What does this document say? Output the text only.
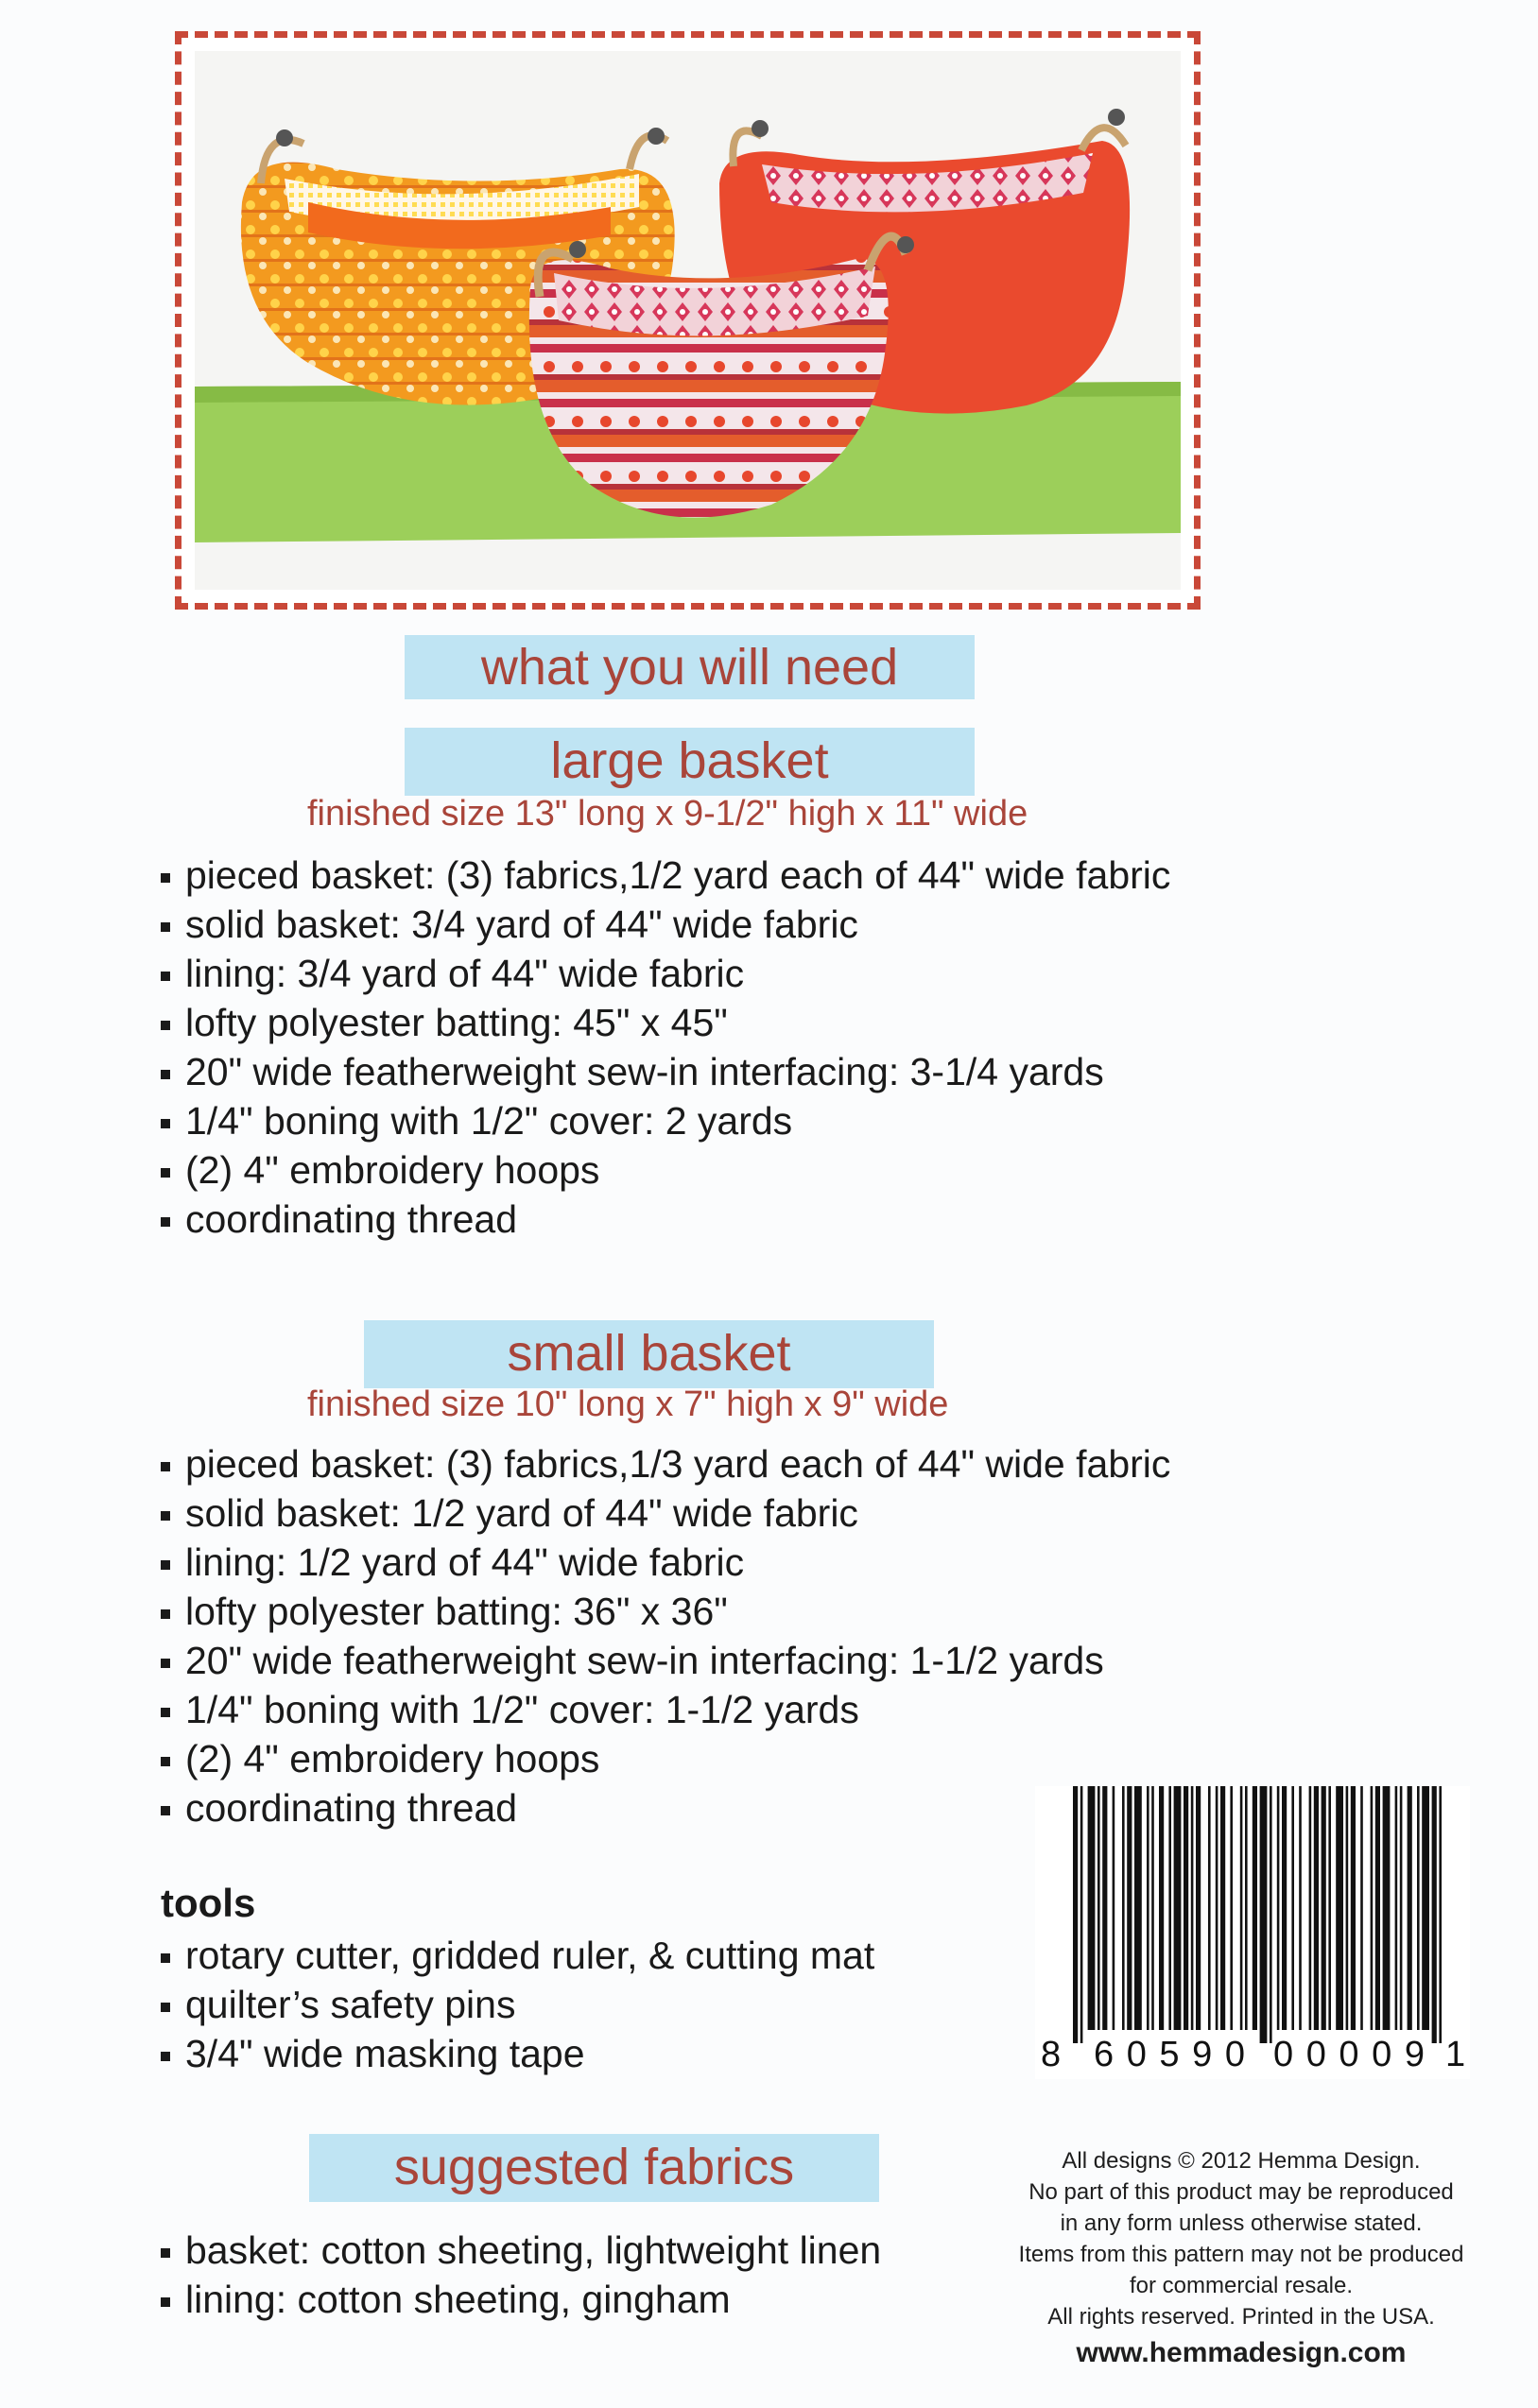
what you will need
large basket
finished size 13" long x 9-1/2" high x 11" wide
pieced basket: (3) fabrics,1/2 yard each of 44" wide fabric
solid basket: 3/4 yard of 44" wide fabric
lining: 3/4 yard of 44" wide fabric
lofty polyester batting: 45" x 45"
20" wide featherweight sew-in interfacing: 3-1/4 yards
1/4" boning with 1/2" cover: 2 yards
(2) 4" embroidery hoops
coordinating thread
small basket
finished size 10" long x 7" high x 9" wide
pieced basket: (3) fabrics,1/3 yard each of 44" wide fabric
solid basket: 1/2 yard of 44" wide fabric
lining: 1/2 yard of 44" wide fabric
lofty polyester batting: 36" x 36"
20" wide featherweight sew-in interfacing: 1-1/2 yards
1/4" boning with 1/2" cover: 1-1/2 yards
(2) 4" embroidery hoops
coordinating thread
tools
rotary cutter, gridded ruler, & cutting mat
quilter’s safety pins
3/4" wide masking tape
suggested fabrics
basket: cotton sheeting, lightweight linen
lining: cotton sheeting, gingham
8 60590 00009 1
All designs © 2012 Hemma Design.
No part of this product may be reproduced
in any form unless otherwise stated.
Items from this pattern may not be produced
for commercial resale.
All rights reserved. Printed in the USA.
www.hemmadesign.com
